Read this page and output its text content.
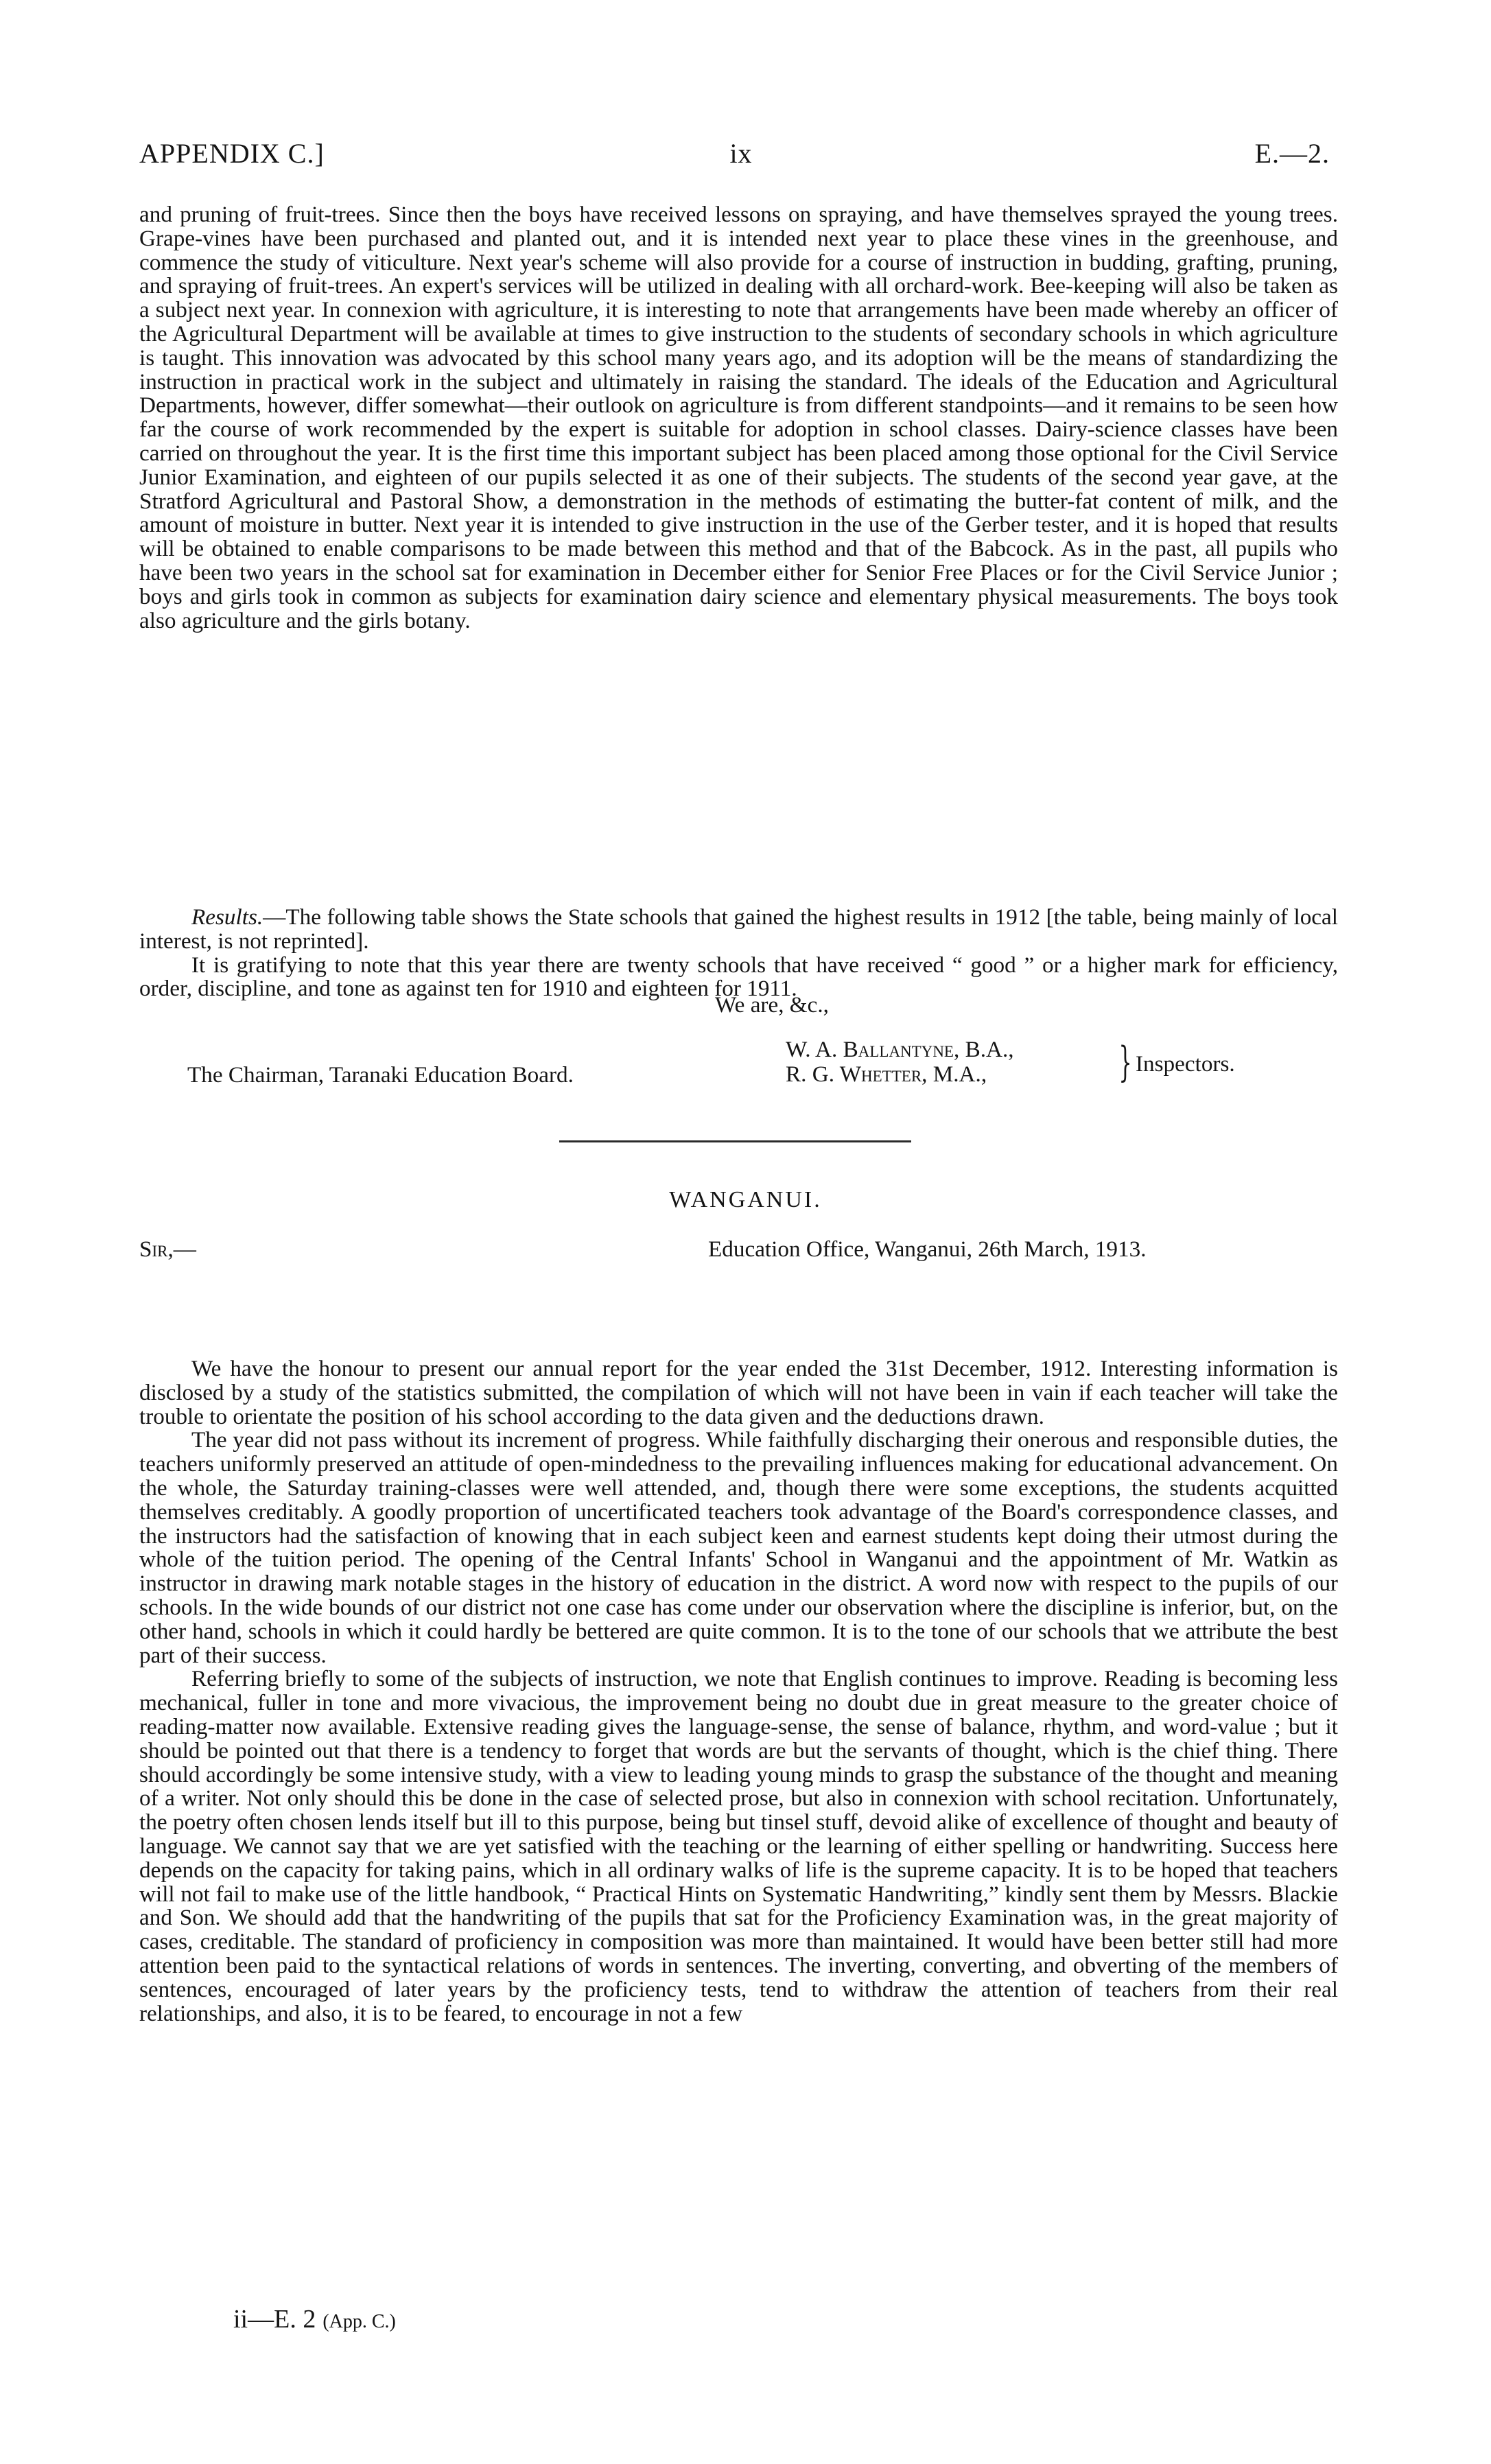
APPENDIX C.]	ix	E.—2.

and pruning of fruit-trees. Since then the boys have received lessons on spraying, and have themselves sprayed the young trees. Grape-vines have been purchased and planted out, and it is intended next year to place these vines in the greenhouse, and commence the study of viticulture. Next year's scheme will also provide for a course of instruction in budding, grafting, pruning, and spraying of fruit-trees. An expert's services will be utilized in dealing with all orchard-work. Bee-keeping will also be taken as a subject next year. In connexion with agriculture, it is interesting to note that arrangements have been made whereby an officer of the Agricultural Department will be available at times to give instruction to the students of secondary schools in which agriculture is taught. This innovation was advocated by this school many years ago, and its adoption will be the means of standardizing the instruction in practical work in the subject and ultimately in raising the standard. The ideals of the Education and Agricultural Departments, however, differ somewhat—their outlook on agriculture is from different standpoints—and it remains to be seen how far the course of work recommended by the expert is suitable for adoption in school classes. Dairy-science classes have been carried on throughout the year. It is the first time this important subject has been placed among those optional for the Civil Service Junior Examination, and eighteen of our pupils selected it as one of their subjects. The students of the second year gave, at the Stratford Agricultural and Pastoral Show, a demonstration in the methods of estimating the butter-fat content of milk, and the amount of moisture in butter. Next year it is intended to give instruction in the use of the Gerber tester, and it is hoped that results will be obtained to enable comparisons to be made between this method and that of the Babcock. As in the past, all pupils who have been two years in the school sat for examination in December either for Senior Free Places or for the Civil Service Junior ; boys and girls took in common as subjects for examination dairy science and elementary physical measurements. The boys took also agriculture and the girls botany.

Results.—The following table shows the State schools that gained the highest results in 1912 [the table, being mainly of local interest, is not reprinted].

It is gratifying to note that this year there are twenty schools that have received “ good ” or a higher mark for efficiency, order, discipline, and tone as against ten for 1910 and eighteen for 1911.

We are, &c.,
The Chairman, Taranaki Education Board.
W. A. Ballantyne, B.A.,
R. G. Whetter, M.A.,	} Inspectors.
WANGANUI.
Sir,—	Education Office, Wanganui, 26th March, 1913.

We have the honour to present our annual report for the year ended the 31st December, 1912. Interesting information is disclosed by a study of the statistics submitted, the compilation of which will not have been in vain if each teacher will take the trouble to orientate the position of his school according to the data given and the deductions drawn.

The year did not pass without its increment of progress. While faithfully discharging their onerous and responsible duties, the teachers uniformly preserved an attitude of open-mindedness to the prevailing influences making for educational advancement. On the whole, the Saturday training-classes were well attended, and, though there were some exceptions, the students acquitted themselves creditably. A goodly proportion of uncertificated teachers took advantage of the Board's correspondence classes, and the instructors had the satisfaction of knowing that in each subject keen and earnest students kept doing their utmost during the whole of the tuition period. The opening of the Central Infants' School in Wanganui and the appointment of Mr. Watkin as instructor in drawing mark notable stages in the history of education in the district. A word now with respect to the pupils of our schools. In the wide bounds of our district not one case has come under our observation where the discipline is inferior, but, on the other hand, schools in which it could hardly be bettered are quite common. It is to the tone of our schools that we attribute the best part of their success.

Referring briefly to some of the subjects of instruction, we note that English continues to improve. Reading is becoming less mechanical, fuller in tone and more vivacious, the improvement being no doubt due in great measure to the greater choice of reading-matter now available. Extensive reading gives the language-sense, the sense of balance, rhythm, and word-value ; but it should be pointed out that there is a tendency to forget that words are but the servants of thought, which is the chief thing. There should accordingly be some intensive study, with a view to leading young minds to grasp the substance of the thought and meaning of a writer. Not only should this be done in the case of selected prose, but also in connexion with school recitation. Unfortunately, the poetry often chosen lends itself but ill to this purpose, being but tinsel stuff, devoid alike of excellence of thought and beauty of language. We cannot say that we are yet satisfied with the teaching or the learning of either spelling or handwriting. Success here depends on the capacity for taking pains, which in all ordinary walks of life is the supreme capacity. It is to be hoped that teachers will not fail to make use of the little handbook, “ Practical Hints on Systematic Handwriting,” kindly sent them by Messrs. Blackie and Son. We should add that the handwriting of the pupils that sat for the Proficiency Examination was, in the great majority of cases, creditable. The standard of proficiency in composition was more than maintained. It would have been better still had more attention been paid to the syntactical relations of words in sentences. The inverting, converting, and obverting of the members of sentences, encouraged of later years by the proficiency tests, tend to withdraw the attention of teachers from their real relationships, and also, it is to be feared, to encourage in not a few

ii—E. 2 (App. C.)
